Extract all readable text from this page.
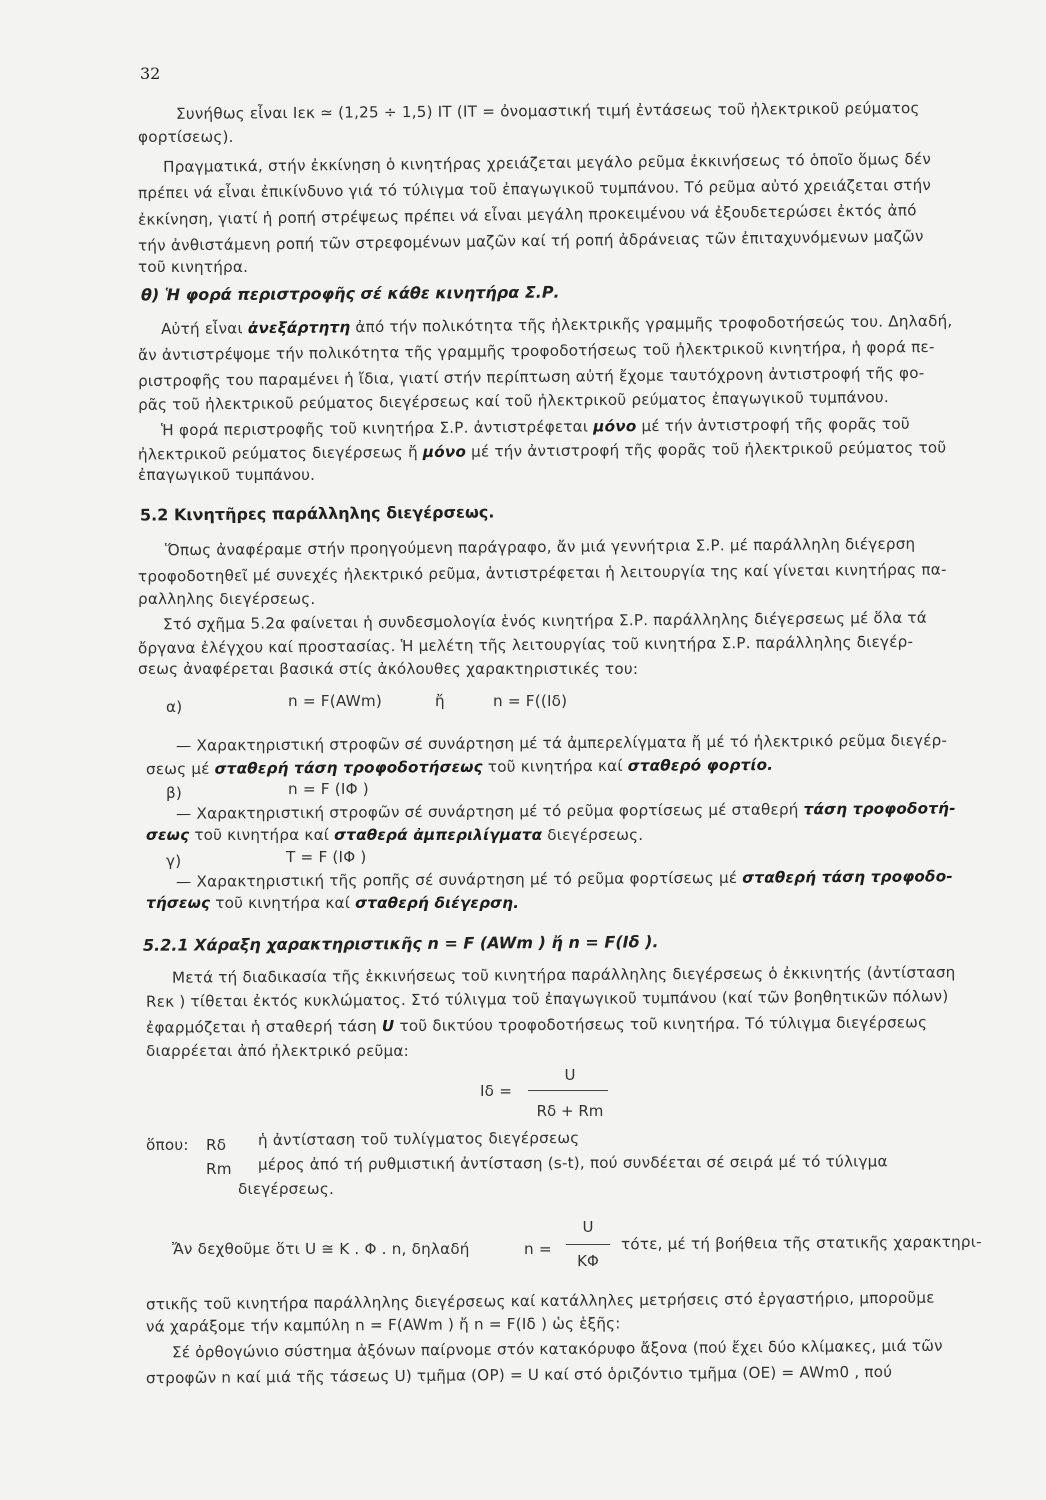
32
Συνήθως εἶναι Iεκ ≃ (1,25 ÷ 1,5) IT (IT = ὀνομαστική τιμή ἐντάσεως τοῦ ἠλεκτρικοῦ ρεύματος
φορτίσεως).
Πραγματικά, στήν ἐκκίνηση ὁ κινητήρας χρειάζεται μεγάλο ρεῦμα ἐκκινήσεως τό ὁποῖο ὅμως δέν
πρέπει νά εἶναι ἐπικίνδυνο γιά τό τύλιγμα τοῦ ἐπαγωγικοῦ τυμπάνου. Τό ρεῦμα αὐτό χρειάζεται στήν
ἐκκίνηση, γιατί ἡ ροπή στρέψεως πρέπει νά εἶναι μεγάλη προκειμένου νά ἐξουδετερώσει ἐκτός ἀπό
τήν ἀνθιστάμενη ροπή τῶν στρεφομένων μαζῶν καί τή ροπή ἀδράνειας τῶν ἐπιταχυνόμενων μαζῶν
τοῦ κινητήρα.
θ) Ἡ φορά περιστροφῆς σέ κάθε κινητήρα Σ.Ρ.
Αὐτή εἶναι ἀνεξάρτητη ἀπό τήν πολικότητα τῆς ἠλεκτρικῆς γραμμῆς τροφοδοτήσεώς του. Δηλαδή,
ἄν ἀντιστρέψομε τήν πολικότητα τῆς γραμμῆς τροφοδοτήσεως τοῦ ἠλεκτρικοῦ κινητήρα, ἡ φορά πε-
ριστροφῆς του παραμένει ἡ ἴδια, γιατί στήν περίπτωση αὐτή ἔχομε ταυτόχρονη ἀντιστροφή τῆς φο-
ρᾶς τοῦ ἠλεκτρικοῦ ρεύματος διεγέρσεως καί τοῦ ἠλεκτρικοῦ ρεύματος ἐπαγωγικοῦ τυμπάνου.
Ἡ φορά περιστροφῆς τοῦ κινητήρα Σ.Ρ. ἀντιστρέφεται μόνο μέ τήν ἀντιστροφή τῆς φορᾶς τοῦ
ἠλεκτρικοῦ ρεύματος διεγέρσεως ἤ μόνο μέ τήν ἀντιστροφή τῆς φορᾶς τοῦ ἠλεκτρικοῦ ρεύματος τοῦ
ἐπαγωγικοῦ τυμπάνου.
5.2 Κινητῆρες παράλληλης διεγέρσεως.
Ὅπως ἀναφέραμε στήν προηγούμενη παράγραφο, ἄν μιά γεννήτρια Σ.Ρ. μέ παράλληλη διέγερση
τροφοδοτηθεῖ μέ συνεχές ἠλεκτρικό ρεῦμα, ἀντιστρέφεται ἡ λειτουργία της καί γίνεται κινητήρας πα-
ραλληλης διεγέρσεως.
Στό σχῆμα 5.2α φαίνεται ἡ συνδεσμολογία ἑνός κινητήρα Σ.Ρ. παράλληλης διέγερσεως μέ ὅλα τά
ὄργανα ἐλέγχου καί προστασίας. Ἡ μελέτη τῆς λειτουργίας τοῦ κινητήρα Σ.Ρ. παράλληλης διεγέρ-
σεως ἀναφέρεται βασικά στίς ἀκόλουθες χαρακτηριστικές του:
α)	n = F(AWm)	ἤ	n = F((Iδ)
— Χαρακτηριστική στροφῶν σέ συνάρτηση μέ τά ἀμπερελίγματα ἤ μέ τό ἠλεκτρικό ρεῦμα διεγέρ-
σεως μέ σταθερή τάση τροφοδοτήσεως τοῦ κινητήρα καί σταθερό φορτίο.
β)	n = F (IΦ )
— Χαρακτηριστική στροφῶν σέ συνάρτηση μέ τό ρεῦμα φορτίσεως μέ σταθερή τάση τροφοδοτή-
σεως τοῦ κινητήρα καί σταθερά ἀμπεριλίγματα διεγέρσεως.
γ)	T = F (IΦ )
— Χαρακτηριστική τῆς ροπῆς σέ συνάρτηση μέ τό ρεῦμα φορτίσεως μέ σταθερή τάση τροφοδο-
τήσεως τοῦ κινητήρα καί σταθερή διέγερση.
5.2.1 Χάραξη χαρακτηριστικῆς n = F (AWm ) ἤ n = F(Iδ ).
Μετά τή διαδικασία τῆς ἐκκινήσεως τοῦ κινητήρα παράλληλης διεγέρσεως ὁ ἐκκινητής (ἀντίσταση
Rεκ ) τίθεται ἐκτός κυκλώματος. Στό τύλιγμα τοῦ ἐπαγωγικοῦ τυμπάνου (καί τῶν βοηθητικῶν πόλων)
ἐφαρμόζεται ἡ σταθερή τάση U τοῦ δικτύου τροφοδοτήσεως τοῦ κινητήρα. Τό τύλιγμα διεγέρσεως
διαρρέεται ἀπό ἠλεκτρικό ρεῦμα:
Iδ =
U
Rδ + Rm
ὅπου: Rδ ἡ ἀντίσταση τοῦ τυλίγματος διεγέρσεως
Rm μέρος ἀπό τή ρυθμιστική ἀντίσταση (s-t), πού συνδέεται σέ σειρά μέ τό τύλιγμα
διεγέρσεως.
Ἄν δεχθοῦμε ὅτι U ≅ K . Φ . n, δηλαδή	n =
U
KΦ
τότε, μέ τή βοήθεια τῆς στατικῆς χαρακτηρι-
στικῆς τοῦ κινητήρα παράλληλης διεγέρσεως καί κατάλληλες μετρήσεις στό ἐργαστήριο, μποροῦμε
νά χαράξομε τήν καμπύλη n = F(AWm ) ἤ n = F(Iδ ) ὡς ἑξῆς:
Σέ ὀρθογώνιο σύστημα ἀξόνων παίρνομε στόν κατακόρυφο ἄξονα (πού ἔχει δύο κλίμακες, μιά τῶν
στροφῶν n καί μιά τῆς τάσεως U) τμῆμα (ΟΡ) = U καί στό ὁριζόντιο τμῆμα (ΟΕ) = AWm0 , πού
